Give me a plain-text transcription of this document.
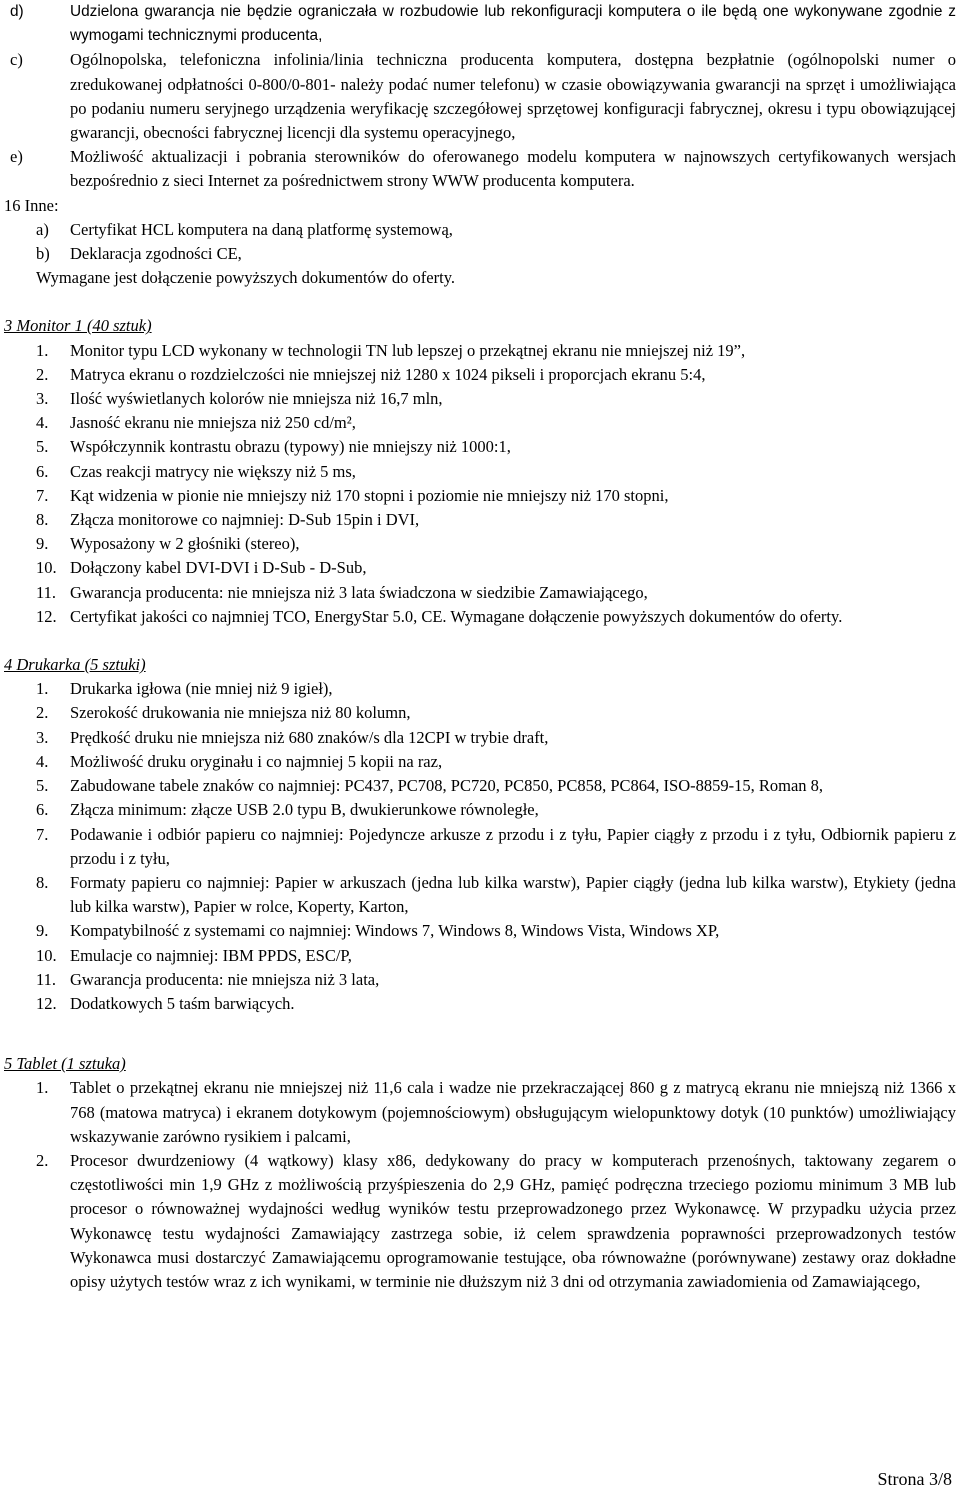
d)	Udzielona gwarancja nie będzie ograniczała w rozbudowie lub rekonfiguracji komputera o ile będą one wykonywane zgodnie z wymogami technicznymi producenta,
c)	Ogólnopolska, telefoniczna infolinia/linia techniczna producenta komputera, dostępna bezpłatnie (ogólnopolski numer o zredukowanej odpłatności 0-800/0-801- należy podać numer telefonu) w czasie obowiązywania gwarancji na sprzęt i umożliwiająca po podaniu numeru seryjnego urządzenia weryfikację szczegółowej sprzętowej konfiguracji fabrycznej, okresu i typu obowiązującej gwarancji, obecności fabrycznej licencji dla systemu operacyjnego,
e)	Możliwość aktualizacji i pobrania sterowników do oferowanego modelu komputera w najnowszych certyfikowanych wersjach bezpośrednio z sieci Internet za pośrednictwem strony WWW producenta komputera.
16 Inne:
a) Certyfikat HCL komputera na daną platformę systemową,
b) Deklaracja zgodności CE,
Wymagane jest dołączenie powyższych dokumentów do oferty.
3 Monitor 1 (40 sztuk)
1. Monitor typu LCD wykonany w technologii TN lub lepszej o przekątnej ekranu nie mniejszej niż 19”,
2. Matryca ekranu o rozdzielczości nie mniejszej niż 1280 x 1024 pikseli i proporcjach ekranu 5:4,
3. Ilość wyświetlanych kolorów nie mniejsza niż 16,7 mln,
4. Jasność ekranu nie mniejsza niż 250 cd/m²,
5. Współczynnik kontrastu obrazu (typowy) nie mniejszy niż 1000:1,
6. Czas reakcji matrycy nie większy niż 5 ms,
7. Kąt widzenia w pionie nie mniejszy niż 170 stopni i poziomie nie mniejszy niż 170 stopni,
8. Złącza monitorowe co najmniej: D-Sub 15pin i DVI,
9. Wyposażony w 2 głośniki (stereo),
10. Dołączony kabel DVI-DVI i D-Sub - D-Sub,
11. Gwarancja producenta: nie mniejsza niż 3 lata świadczona w siedzibie Zamawiającego,
12. Certyfikat jakości co najmniej TCO, EnergyStar 5.0, CE. Wymagane dołączenie powyższych dokumentów do oferty.
4 Drukarka (5 sztuki)
1. Drukarka igłowa (nie mniej niż 9 igieł),
2. Szerokość drukowania nie mniejsza niż 80 kolumn,
3. Prędkość druku nie mniejsza niż 680 znaków/s dla 12CPI w trybie draft,
4. Możliwość druku oryginału i co najmniej 5 kopii na raz,
5. Zabudowane tabele znaków co najmniej: PC437, PC708, PC720, PC850, PC858, PC864, ISO-8859-15, Roman 8,
6. Złącza minimum: złącze USB 2.0 typu B, dwukierunkowe równoległe,
7. Podawanie i odbiór papieru co najmniej: Pojedyncze arkusze z przodu i z tyłu, Papier ciągły z przodu i z tyłu, Odbiornik papieru z przodu i z tyłu,
8. Formaty papieru co najmniej: Papier w arkuszach (jedna lub kilka warstw), Papier ciągły (jedna lub kilka warstw), Etykiety (jedna lub kilka warstw), Papier w rolce, Koperty, Karton,
9. Kompatybilność z systemami co najmniej: Windows 7, Windows 8, Windows Vista, Windows XP,
10. Emulacje co najmniej: IBM PPDS, ESC/P,
11. Gwarancja producenta: nie mniejsza niż 3 lata,
12. Dodatkowych 5 taśm barwiących.
5 Tablet (1 sztuka)
1. Tablet o przekątnej ekranu nie mniejszej niż 11,6 cala i wadze nie przekraczającej 860 g z matrycą ekranu nie mniejszą niż 1366 x 768 (matowa matryca) i ekranem dotykowym (pojemnościowym) obsługującym wielopunktowy dotyk (10 punktów) umożliwiający wskazywanie zarówno rysikiem i palcami,
2. Procesor dwurdzeniowy (4 wątkowy) klasy x86, dedykowany do pracy w komputerach przenośnych, taktowany zegarem o częstotliwości min 1,9 GHz z możliwością przyśpieszenia do 2,9 GHz, pamięć podręczna trzeciego poziomu minimum 3 MB lub procesor o równoważnej wydajności według wyników testu przeprowadzonego przez Wykonawcę. W przypadku użycia przez Wykonawcę testu wydajności Zamawiający zastrzega sobie, iż celem sprawdzenia poprawności przeprowadzonych testów Wykonawca musi dostarczyć Zamawiającemu oprogramowanie testujące, oba równoważne (porównywane) zestawy oraz dokładne opisy użytych testów wraz z ich wynikami, w terminie nie dłuższym niż 3 dni od otrzymania zawiadomienia od Zamawiającego,
Strona 3/8
